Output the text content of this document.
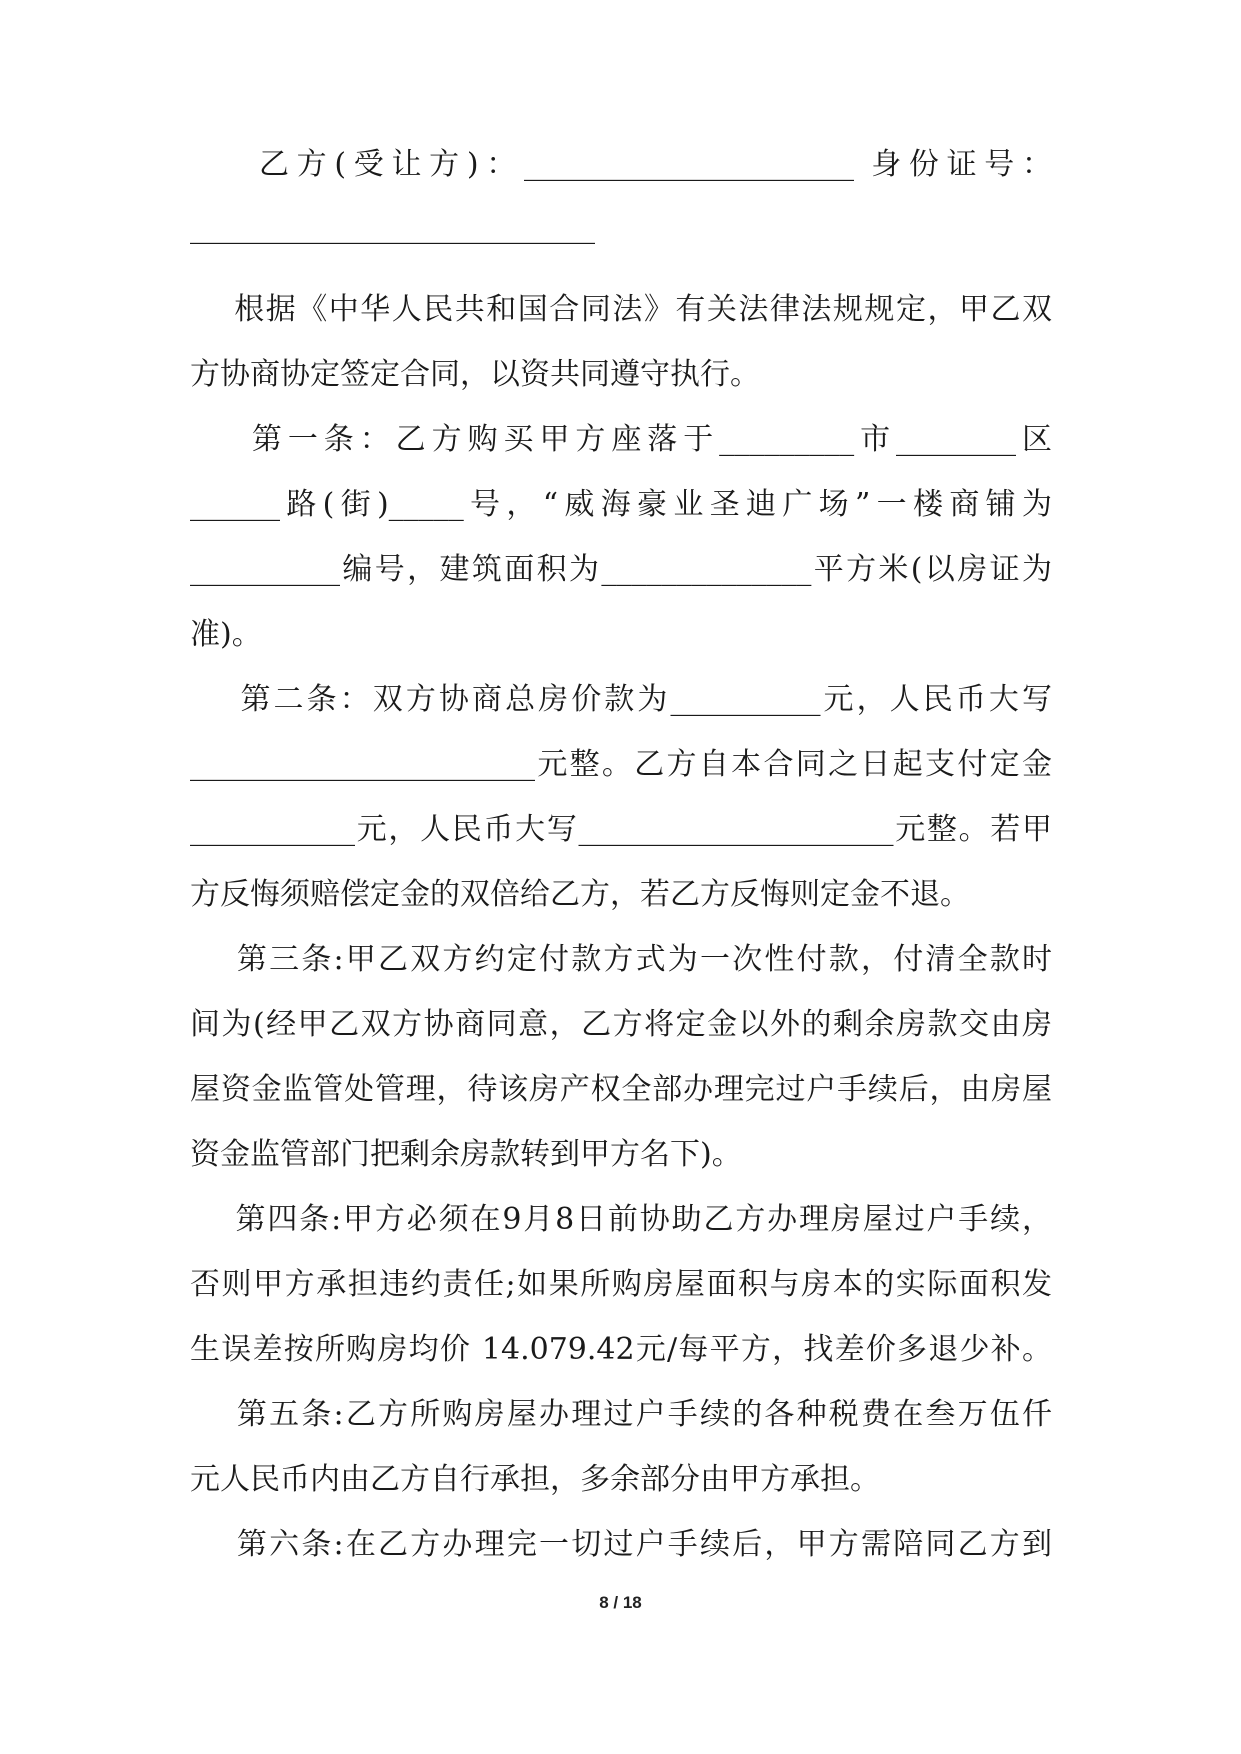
乙方(受让方)：______________________ 身份证号：
___________________________
根据《中华人民共和国合同法》有关法律法规规定，甲乙双
方协商协定签定合同，以资共同遵守执行。
第一条：乙方购买甲方座落于_________市________区
______路(街)_____号，“威海豪业圣迪广场”一楼商铺为
__________编号，建筑面积为______________平方米(以房证为
准)。
第二条：双方协商总房价款为__________元，人民币大写
_______________________元整。乙方自本合同之日起支付定金
___________元，人民币大写_____________________元整。若甲
方反悔须赔偿定金的双倍给乙方，若乙方反悔则定金不退。
第三条:甲乙双方约定付款方式为一次性付款，付清全款时
间为(经甲乙双方协商同意，乙方将定金以外的剩余房款交由房
屋资金监管处管理，待该房产权全部办理完过户手续后，由房屋
资金监管部门把剩余房款转到甲方名下)。
第四条:甲方必须在9月8日前协助乙方办理房屋过户手续，
否则甲方承担违约责任;如果所购房屋面积与房本的实际面积发
生误差按所购房均价 14.079.42元/每平方，找差价多退少补。
第五条:乙方所购房屋办理过户手续的各种税费在叁万伍仟
元人民币内由乙方自行承担，多余部分由甲方承担。
第六条:在乙方办理完一切过户手续后，甲方需陪同乙方到
8 / 18
